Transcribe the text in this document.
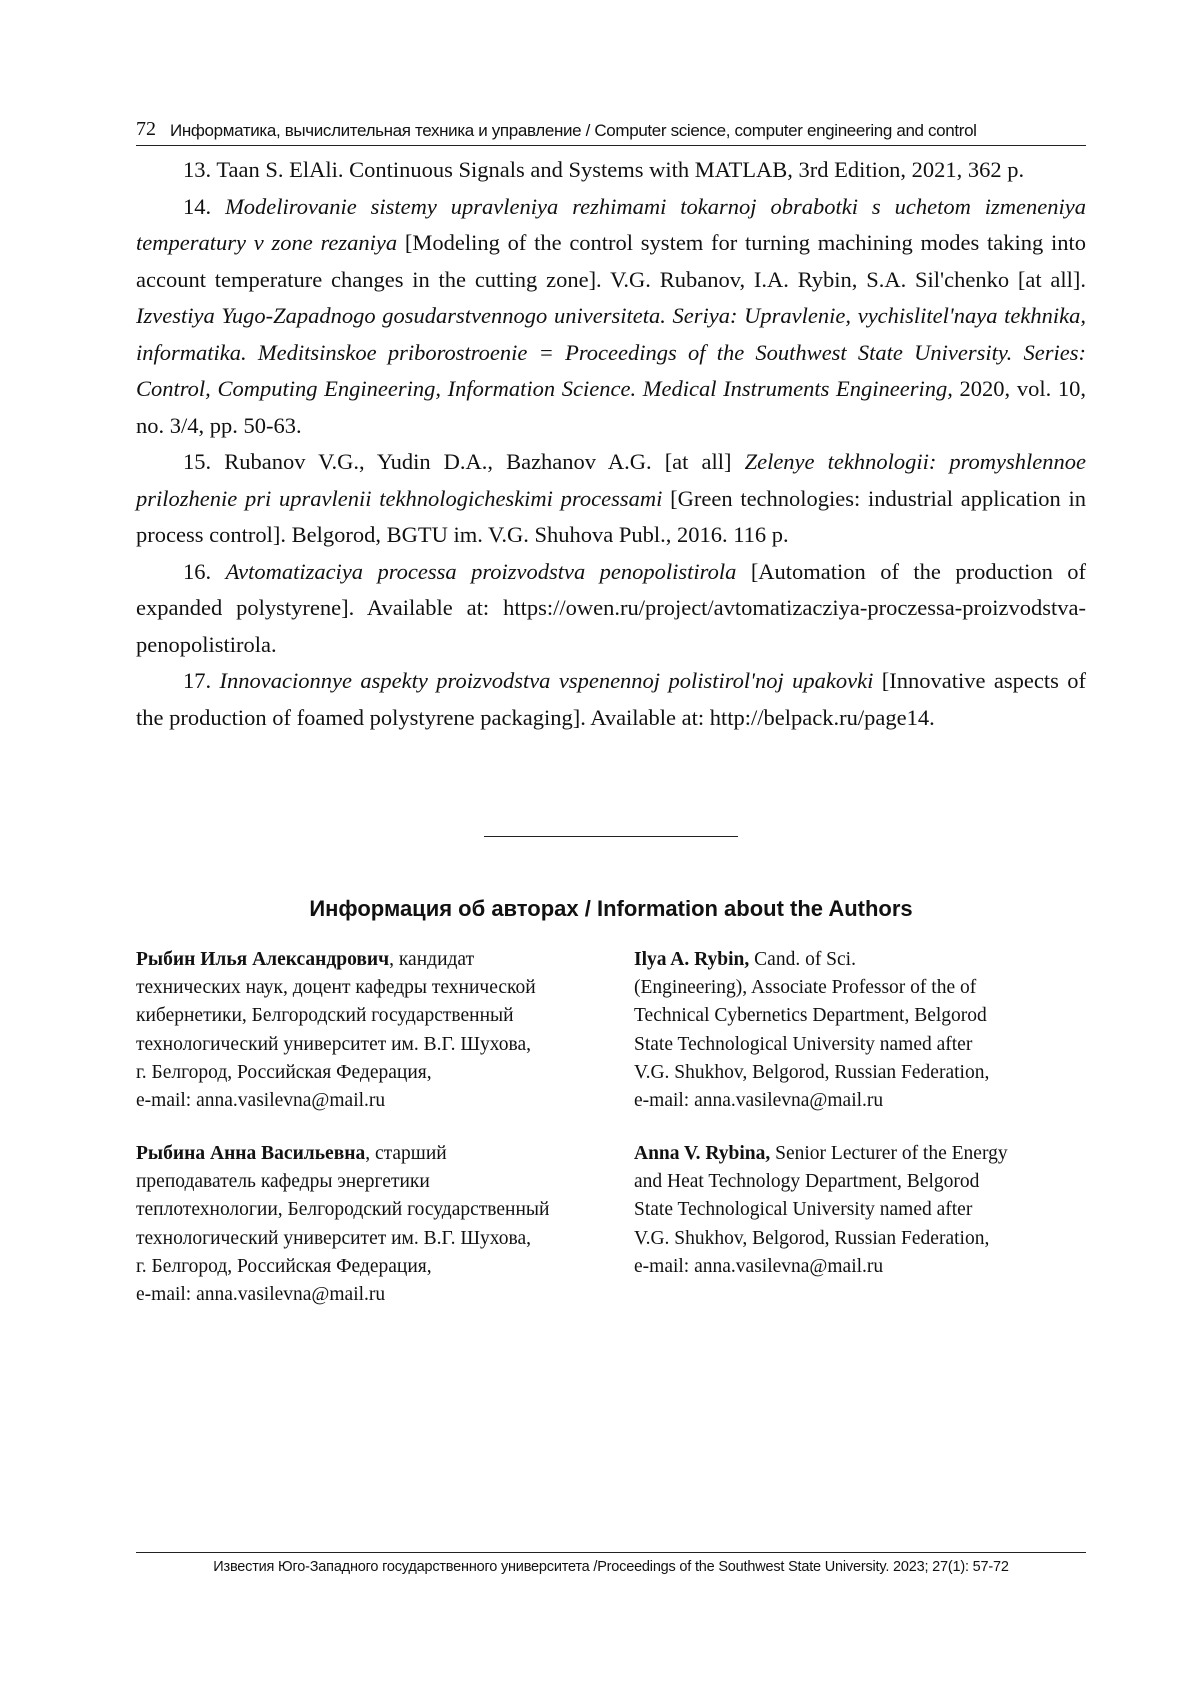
72 Информатика, вычислительная техника и управление / Computer science, computer engineering and control

13. Taan S. ElAli. Continuous Signals and Systems with MATLAB, 3rd Edition, 2021, 362 p.

14. Modelirovanie sistemy upravleniya rezhimami tokarnoj obrabotki s uchetom izmeneniya temperatury v zone rezaniya [Modeling of the control system for turning machining modes taking into account temperature changes in the cutting zone]. V.G. Rubanov, I.A. Rybin, S.A. Sil'chenko [at all]. Izvestiya Yugo-Zapadnogo gosudarstvennogo universiteta. Seriya: Upravlenie, vychislitel'naya tekhnika, informatika. Meditsinskoe priborostroenie = Proceedings of the Southwest State University. Series: Control, Computing Engineering, Information Science. Medical Instruments Engineering, 2020, vol. 10, no. 3/4, pp. 50-63.

15. Rubanov V.G., Yudin D.A., Bazhanov A.G. [at all] Zelenye tekhnologii: promyshlennoe prilozhenie pri upravlenii tekhnologicheskimi processami [Green technologies: industrial application in process control]. Belgorod, BGTU im. V.G. Shuhova Publ., 2016. 116 p.

16. Avtomatizaciya processa proizvodstva penopolistirola [Automation of the production of expanded polystyrene]. Available at: https://owen.ru/project/avtomatizacziya-proczessa-proizvodstva-penopolistirola.

17. Innovacionnye aspekty proizvodstva vspenennoj polistirol'noj upakovki [Innovative aspects of the production of foamed polystyrene packaging]. Available at: http://belpack.ru/page14.

Информация об авторах / Information about the Authors
Рыбин Илья Александрович, кандидат
технических наук, доцент кафедры технической
кибернетики, Белгородский государственный
технологический университет им. В.Г. Шухова,
г. Белгород, Российская Федерация,
e-mail: anna.vasilevna@mail.ru
Ilya A. Rybin, Cand. of Sci.
(Engineering), Associate Professor of the of
Technical Cybernetics Department, Belgorod
State Technological University named after
V.G. Shukhov, Belgorod, Russian Federation,
e-mail: anna.vasilevna@mail.ru
Рыбина Анна Васильевна, старший
преподаватель кафедры энергетики
теплотехнологии, Белгородский государственный
технологический университет им. В.Г. Шухова,
г. Белгород, Российская Федерация,
e-mail: anna.vasilevna@mail.ru
Anna V. Rybina, Senior Lecturer of the Energy
and Heat Technology Department, Belgorod
State Technological University named after
V.G. Shukhov, Belgorod, Russian Federation,
e-mail: anna.vasilevna@mail.ru
Известия Юго-Западного государственного университета /Proceedings of the Southwest State University. 2023; 27(1): 57-72
